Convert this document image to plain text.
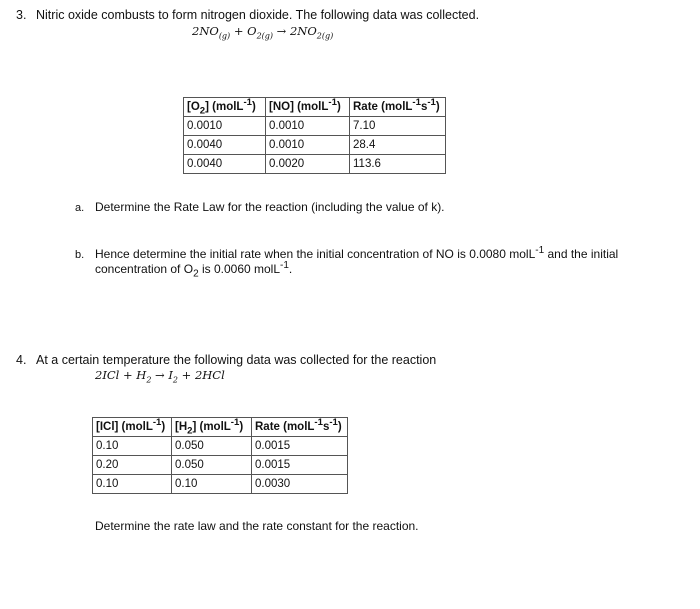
3. Nitric oxide combusts to form nitrogen dioxide. The following data was collected.
$2NO_{(g)} + O_{2(g)} \to 2NO_{2(g)}$
$[O_2]$ (molL$^{-1}$)	[NO] (molL$^{-1}$)	Rate $(molL^{-1}s^{-1})$
0.0010	0.0010	7.10
0.0040	0.0010	28.4
0.0040	0.0020	113.6
a. Determine the Rate Law for the reaction (including the value of k).
b. Hence determine the initial rate when the initial concentration of NO is 0.0080 molL$^{-1}$ and the initial
concentration of $O_2$ is 0.0060 molL$^{-1}$.
4. At a certain temperature the following data was collected for the reaction
$2ICl + H_2 \to I_2 + 2HCl$
[ICl] (molL$^{-1}$)	$[H_2]$ (molL$^{-1}$)	Rate $(molL^{-1}s^{-1})$
0.10	0.050	0.0015
0.20	0.050	0.0015
0.10	0.10	0.0030
Determine the rate law and the rate constant for the reaction.
